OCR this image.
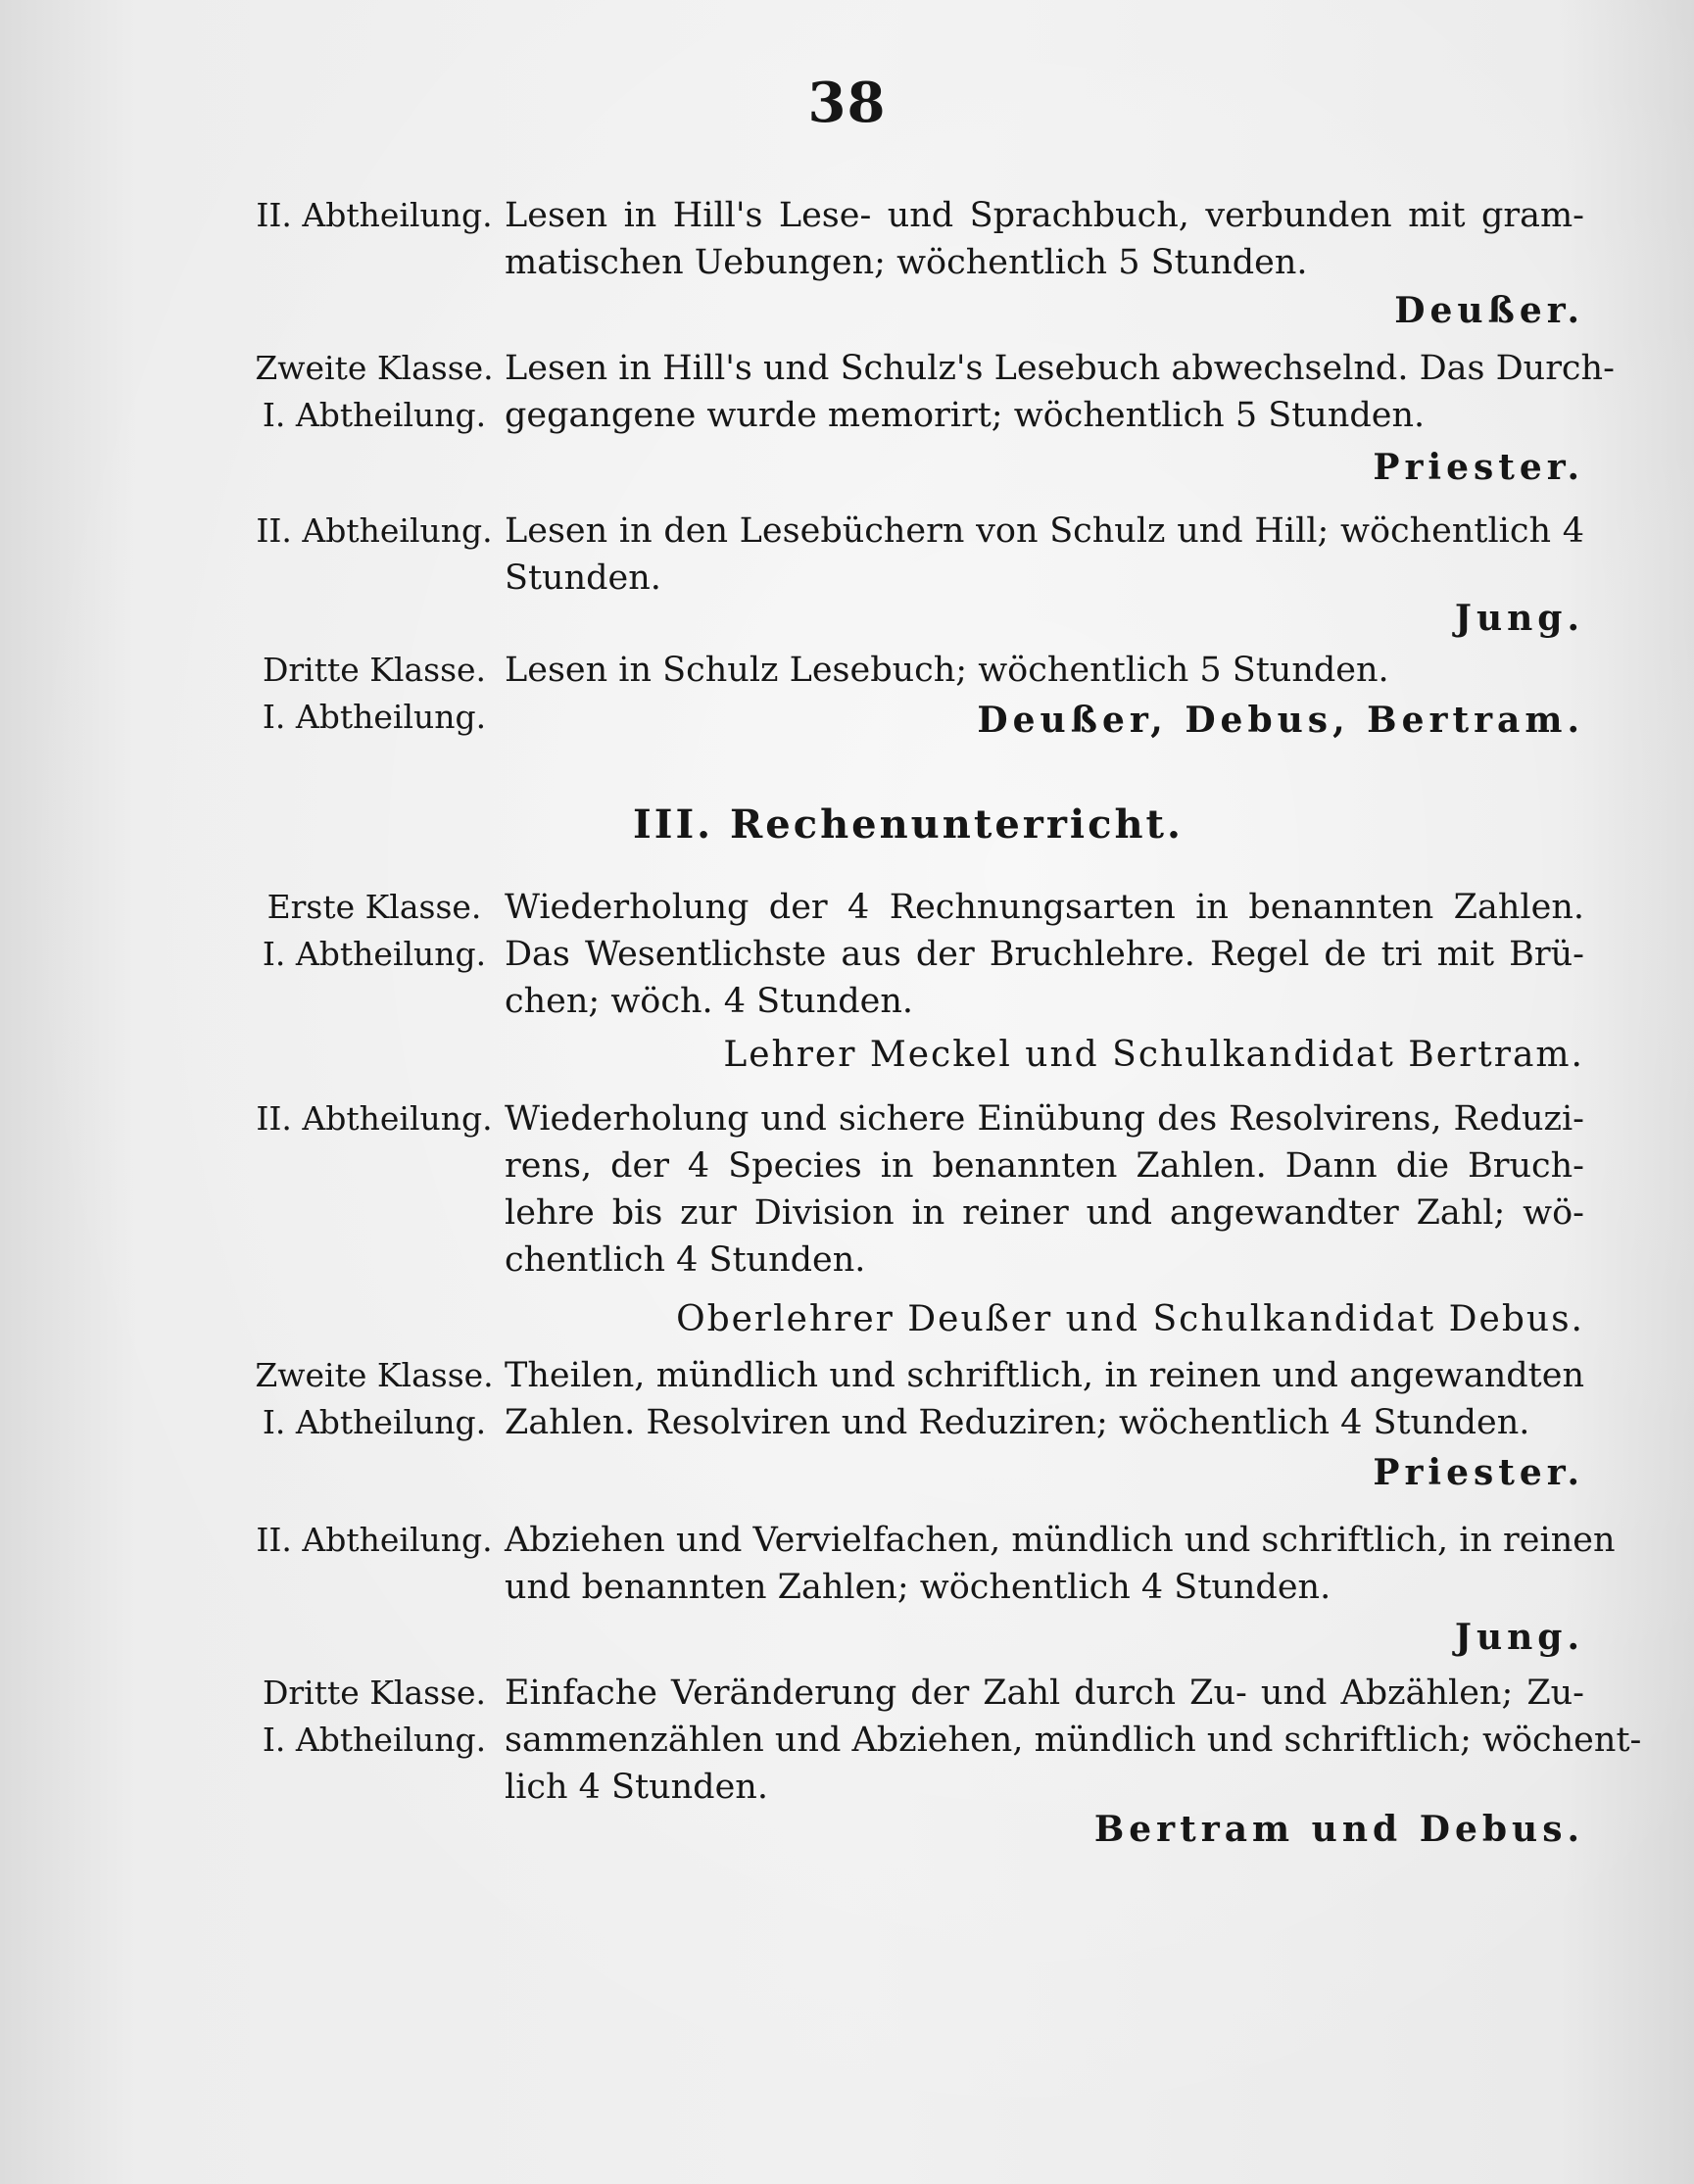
38
II. Abtheilung. Lesen in Hill's Lese- und Sprachbuch, verbunden mit gram-
matischen Uebungen; wöchentlich 5 Stunden.
Deußer.
Zweite Klasse.
I. Abtheilung.
Lesen in Hill's und Schulz's Lesebuch abwechselnd. Das Durch-
gegangene wurde memorirt; wöchentlich 5 Stunden.
Priester.
II. Abtheilung. Lesen in den Lesebüchern von Schulz und Hill; wöchentlich 4
Stunden.
Jung.
Dritte Klasse.
I. Abtheilung.
Lesen in Schulz Lesebuch; wöchentlich 5 Stunden.
Deußer, Debus, Bertram.
III. Rechenunterricht.
Erste Klasse.
I. Abtheilung.
Wiederholung der 4 Rechnungsarten in benannten Zahlen.
Das Wesentlichste aus der Bruchlehre. Regel de tri mit Brü-
chen; wöch. 4 Stunden.
Lehrer Meckel und Schulkandidat Bertram.
II. Abtheilung. Wiederholung und sichere Einübung des Resolvirens, Reduzi-
rens, der 4 Species in benannten Zahlen. Dann die Bruch-
lehre bis zur Division in reiner und angewandter Zahl; wö-
chentlich 4 Stunden.
Oberlehrer Deußer und Schulkandidat Debus.
Zweite Klasse.
I. Abtheilung.
Theilen, mündlich und schriftlich, in reinen und angewandten
Zahlen. Resolviren und Reduziren; wöchentlich 4 Stunden.
Priester.
II. Abtheilung. Abziehen und Vervielfachen, mündlich und schriftlich, in reinen
und benannten Zahlen; wöchentlich 4 Stunden.
Jung.
Dritte Klasse.
I. Abtheilung.
Einfache Veränderung der Zahl durch Zu- und Abzählen; Zu-
sammenzählen und Abziehen, mündlich und schriftlich; wöchent-
lich 4 Stunden.
Bertram und Debus.
